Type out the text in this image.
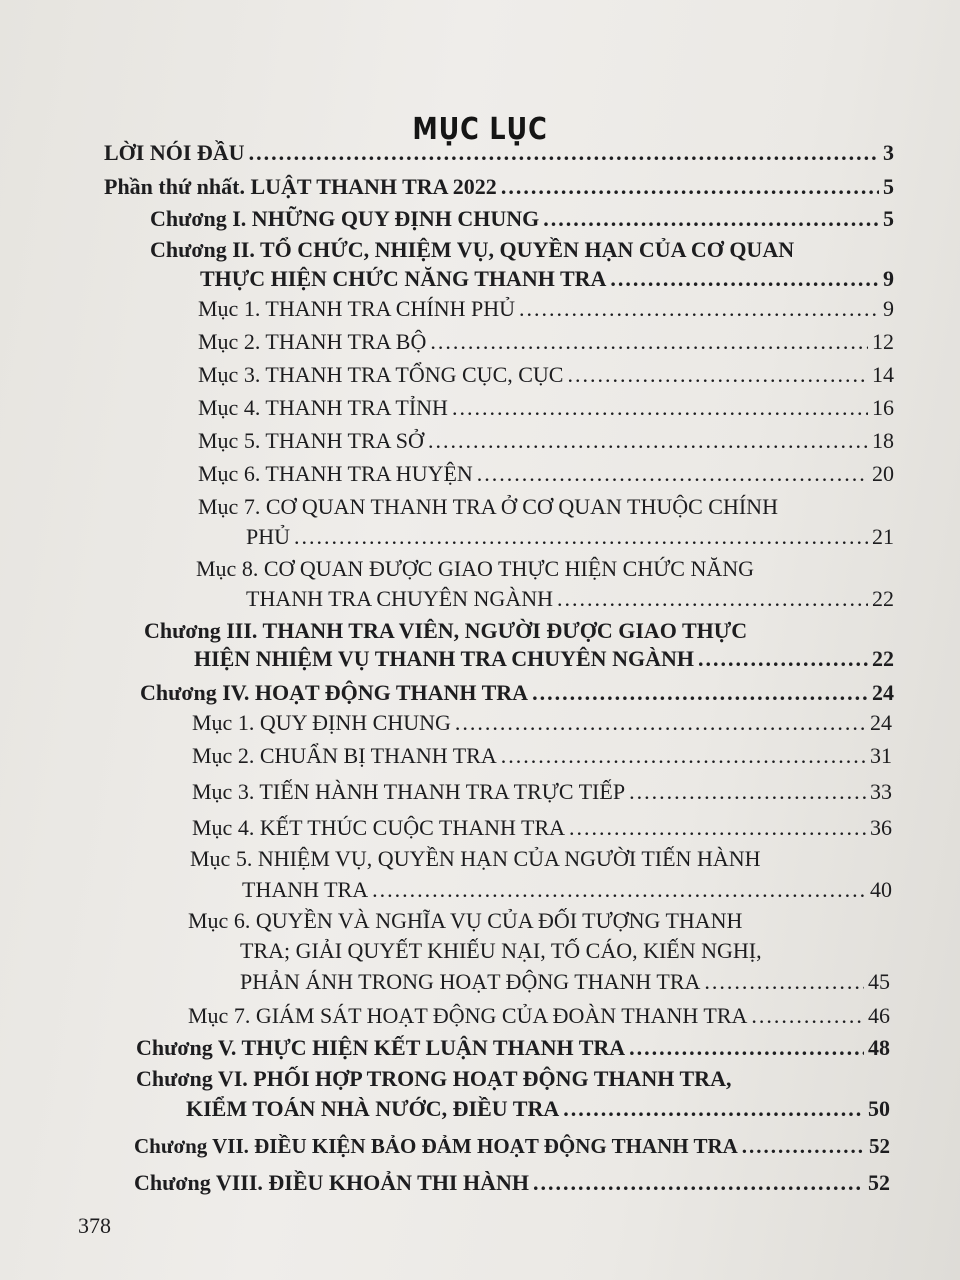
MỤC LỤC
LỜI NÓI ĐẦU .....	3
Phần thứ nhất. LUẬT THANH TRA 2022 .....	5
Chương I. NHỮNG QUY ĐỊNH CHUNG .....	5
Chương II. TỔ CHỨC, NHIỆM VỤ, QUYỀN HẠN CỦA CƠ QUAN
THỰC HIỆN CHỨC NĂNG THANH TRA .....	9
Mục 1. THANH TRA CHÍNH PHỦ .....	9
Mục 2. THANH TRA BỘ .....	12
Mục 3. THANH TRA TỔNG CỤC, CỤC .....	14
Mục 4. THANH TRA TỈNH .....	16
Mục 5. THANH TRA SỞ .....	18
Mục 6. THANH TRA HUYỆN .....	20
Mục 7. CƠ QUAN THANH TRA Ở CƠ QUAN THUỘC CHÍNH
PHỦ .....	21
Mục 8. CƠ QUAN ĐƯỢC GIAO THỰC HIỆN CHỨC NĂNG
THANH TRA CHUYÊN NGÀNH .....	22
Chương III. THANH TRA VIÊN, NGƯỜI ĐƯỢC GIAO THỰC
HIỆN NHIỆM VỤ THANH TRA CHUYÊN NGÀNH .....	22
Chương IV. HOẠT ĐỘNG THANH TRA .....	24
Mục 1. QUY ĐỊNH CHUNG .....	24
Mục 2. CHUẨN BỊ THANH TRA .....	31
Mục 3. TIẾN HÀNH THANH TRA TRỰC TIẾP .....	33
Mục 4. KẾT THÚC CUỘC THANH TRA .....	36
Mục 5. NHIỆM VỤ, QUYỀN HẠN CỦA NGƯỜI TIẾN HÀNH
THANH TRA .....	40
Mục 6. QUYỀN VÀ NGHĨA VỤ CỦA ĐỐI TƯỢNG THANH
TRA; GIẢI QUYẾT KHIẾU NẠI, TỐ CÁO, KIẾN NGHỊ,
PHẢN ÁNH TRONG HOẠT ĐỘNG THANH TRA .....	45
Mục 7. GIÁM SÁT HOẠT ĐỘNG CỦA ĐOÀN THANH TRA .....	46
Chương V. THỰC HIỆN KẾT LUẬN THANH TRA .....	48
Chương VI. PHỐI HỢP TRONG HOẠT ĐỘNG THANH TRA,
KIỂM TOÁN NHÀ NƯỚC, ĐIỀU TRA .....	50
Chương VII. ĐIỀU KIỆN BẢO ĐẢM HOẠT ĐỘNG THANH TRA .....	52
Chương VIII. ĐIỀU KHOẢN THI HÀNH .....	52
378
